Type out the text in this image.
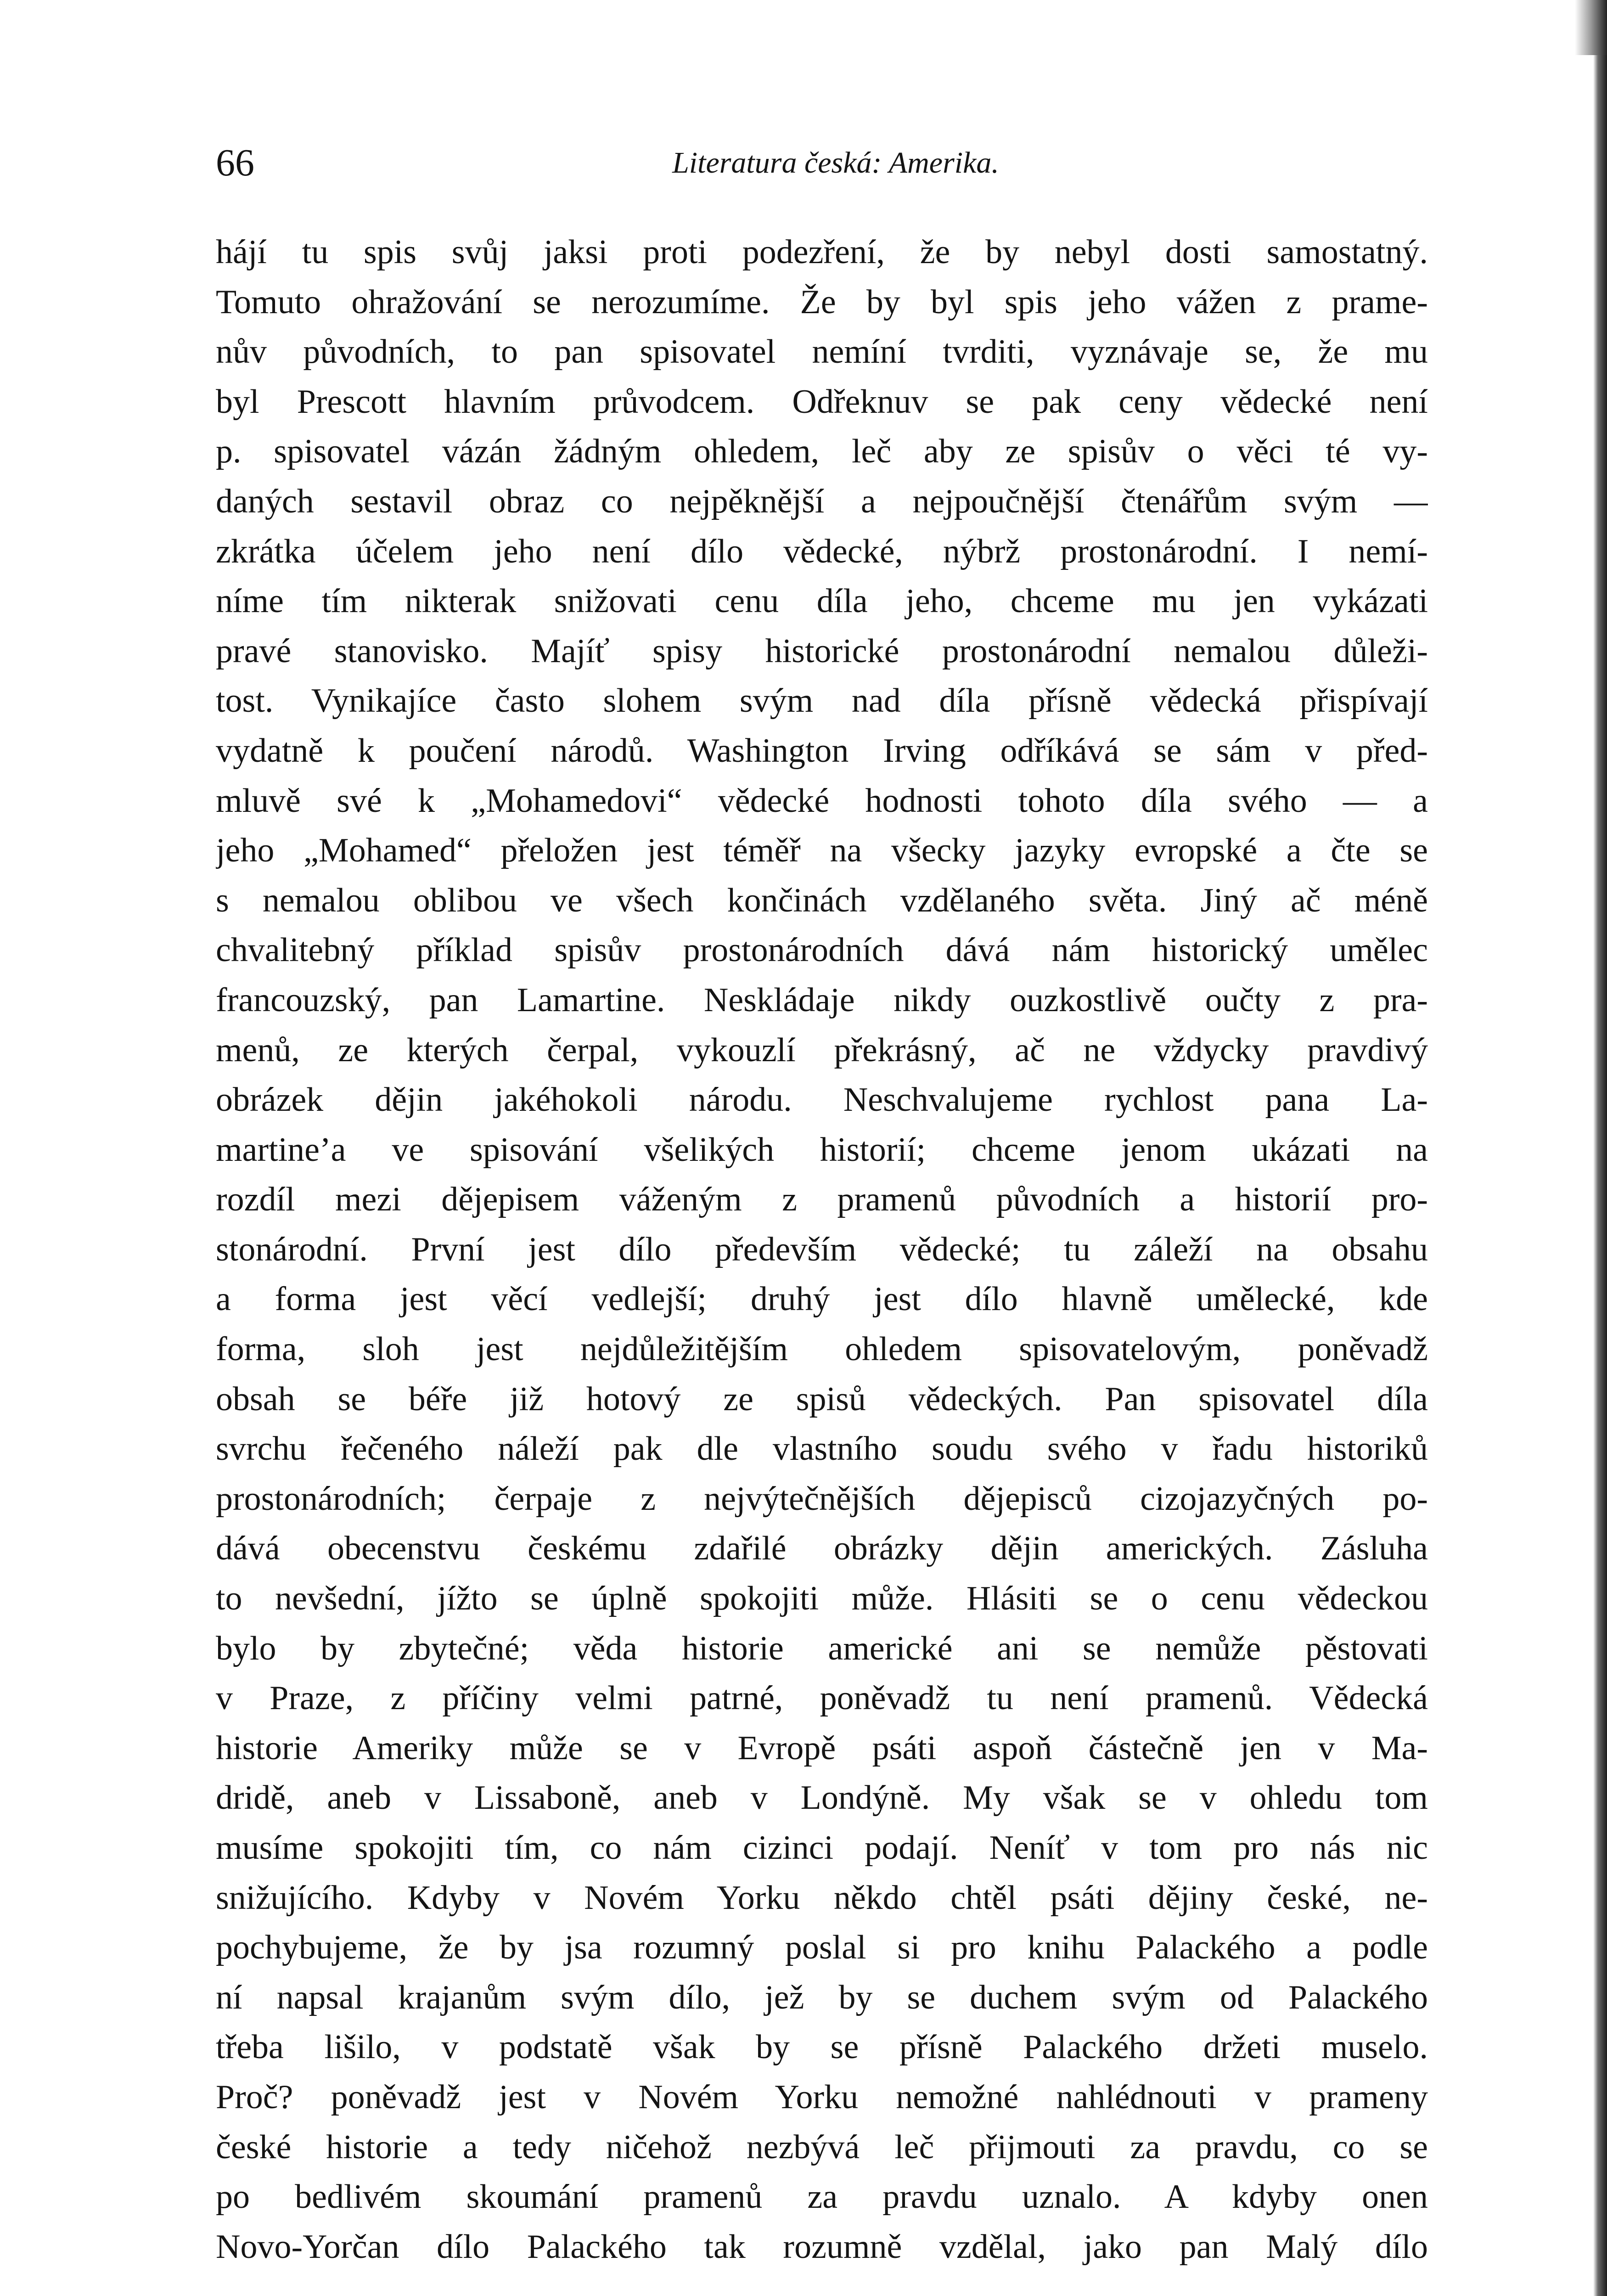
66	Literatura česká: Amerika.
hájí tu spis svůj jaksi proti podezření, že by nebyl dosti samostatný.
Tomuto ohražování se nerozumíme. Že by byl spis jeho vážen z prame-
nův původních, to pan spisovatel nemíní tvrditi, vyznávaje se, že mu
byl Prescott hlavním průvodcem. Odřeknuv se pak ceny vědecké není
p. spisovatel vázán žádným ohledem, leč aby ze spisův o věci té vy-
daných sestavil obraz co nejpěknější a nejpoučnější čtenářům svým —
zkrátka účelem jeho není dílo vědecké, nýbrž prostonárodní. I nemí-
níme tím nikterak snižovati cenu díla jeho, chceme mu jen vykázati
pravé stanovisko. Majíť spisy historické prostonárodní nemalou důleži-
tost. Vynikajíce často slohem svým nad díla přísně vědecká přispívají
vydatně k poučení národů. Washington Irving odříkává se sám v před-
mluvě své k „Mohamedovi“ vědecké hodnosti tohoto díla svého — a
jeho „Mohamed“ přeložen jest téměř na všecky jazyky evropské a čte se
s nemalou oblibou ve všech končinách vzdělaného světa. Jiný ač méně
chvalitebný příklad spisův prostonárodních dává nám historický umělec
francouzský, pan Lamartine. Neskládaje nikdy ouzkostlivě oučty z pra-
menů, ze kterých čerpal, vykouzlí překrásný, ač ne vždycky pravdivý
obrázek dějin jakéhokoli národu. Neschvalujeme rychlost pana La-
martine’a ve spisování všelikých historií; chceme jenom ukázati na
rozdíl mezi dějepisem váženým z pramenů původních a historií pro-
stonárodní. První jest dílo především vědecké; tu záleží na obsahu
a forma jest věcí vedlejší; druhý jest dílo hlavně umělecké, kde
forma, sloh jest nejdůležitějším ohledem spisovatelovým, poněvadž
obsah se béře již hotový ze spisů vědeckých. Pan spisovatel díla
svrchu řečeného náleží pak dle vlastního soudu svého v řadu historiků
prostonárodních; čerpaje z nejvýtečnějších dějepisců cizojazyčných po-
dává obecenstvu českému zdařilé obrázky dějin amerických. Zásluha
to nevšední, jížto se úplně spokojiti může. Hlásiti se o cenu vědeckou
bylo by zbytečné; věda historie americké ani se nemůže pěstovati
v Praze, z příčiny velmi patrné, poněvadž tu není pramenů. Vědecká
historie Ameriky může se v Evropě psáti aspoň částečně jen v Ma-
dridě, aneb v Lissaboně, aneb v Londýně. My však se v ohledu tom
musíme spokojiti tím, co nám cizinci podají. Neníť v tom pro nás nic
snižujícího. Kdyby v Novém Yorku někdo chtěl psáti dějiny české, ne-
pochybujeme, že by jsa rozumný poslal si pro knihu Palackého a podle
ní napsal krajanům svým dílo, jež by se duchem svým od Palackého
třeba lišilo, v podstatě však by se přísně Palackého držeti muselo.
Proč? poněvadž jest v Novém Yorku nemožné nahlédnouti v prameny
české historie a tedy ničehož nezbývá leč přijmouti za pravdu, co se
po bedlivém skoumání pramenů za pravdu uznalo. A kdyby onen
Novo-Yorčan dílo Palackého tak rozumně vzdělal, jako pan Malý dílo
